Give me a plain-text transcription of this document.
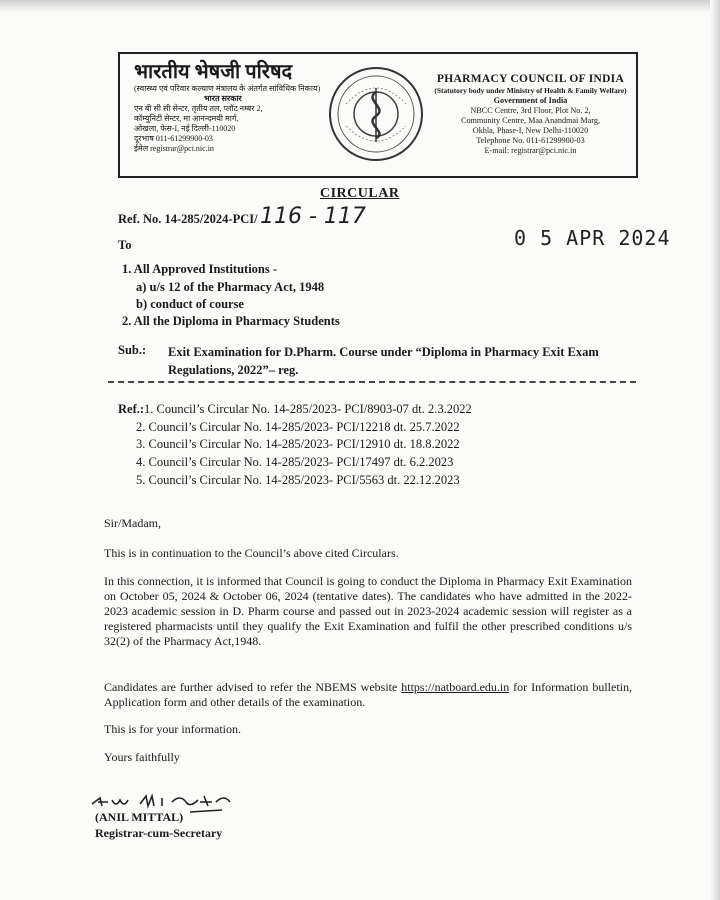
भारतीय भेषजी परिषद
(स्वास्थ्य एवं परिवार कल्याण मंत्रालय के अंतर्गत सांविधिक निकाय)
भारत सरकार
एन बी सी सी सेन्टर, तृतीय तल, प्लॉट नम्बर 2,
कॉम्युनिटी सेन्टर, मा आनन्दमयी मार्ग,
ओखला, फेस-I, नई दिल्ली-110020
दूरभाष 011-61299900-03
ईमेल registrar@pci.nic.in
PHARMACY COUNCIL OF INDIA
(Statutory body under Ministry of Health & Family Welfare)
Government of India
NBCC Centre, 3rd Floor, Plot No. 2,
Community Centre, Maa Anandmai Marg,
Okhla, Phase-I, New Delhi-110020
Telephone No. 011-61299900-03
E-mail: registrar@pci.nic.in
CIRCULAR
Ref. No. 14-285/2024-PCI/ 116 - 117
0 5 APR 2024
To
1. All Approved Institutions -
a) u/s 12 of the Pharmacy Act, 1948
b) conduct of course
2. All the Diploma in Pharmacy Students
Sub.: Exit Examination for D.Pharm. Course under “Diploma in Pharmacy Exit Exam Regulations, 2022”– reg.
Ref.: 1. Council’s Circular No. 14-285/2023- PCI/8903-07 dt. 2.3.2022
2. Council’s Circular No. 14-285/2023- PCI/12218 dt. 25.7.2022
3. Council’s Circular No. 14-285/2023- PCI/12910 dt. 18.8.2022
4. Council’s Circular No. 14-285/2023- PCI/17497 dt. 6.2.2023
5. Council’s Circular No. 14-285/2023- PCI/5563 dt. 22.12.2023
Sir/Madam,
This is in continuation to the Council’s above cited Circulars.
In this connection, it is informed that Council is going to conduct the Diploma in Pharmacy Exit Examination on October 05, 2024 & October 06, 2024 (tentative dates). The candidates who have admitted in the 2022-2023 academic session in D. Pharm course and passed out in 2023-2024 academic session will register as a registered pharmacists until they qualify the Exit Examination and fulfil the other prescribed conditions u/s 32(2) of the Pharmacy Act,1948.
Candidates are further advised to refer the NBEMS website https://natboard.edu.in for Information bulletin, Application form and other details of the examination.
This is for your information.
Yours faithfully
(ANIL MITTAL)
Registrar-cum-Secretary
